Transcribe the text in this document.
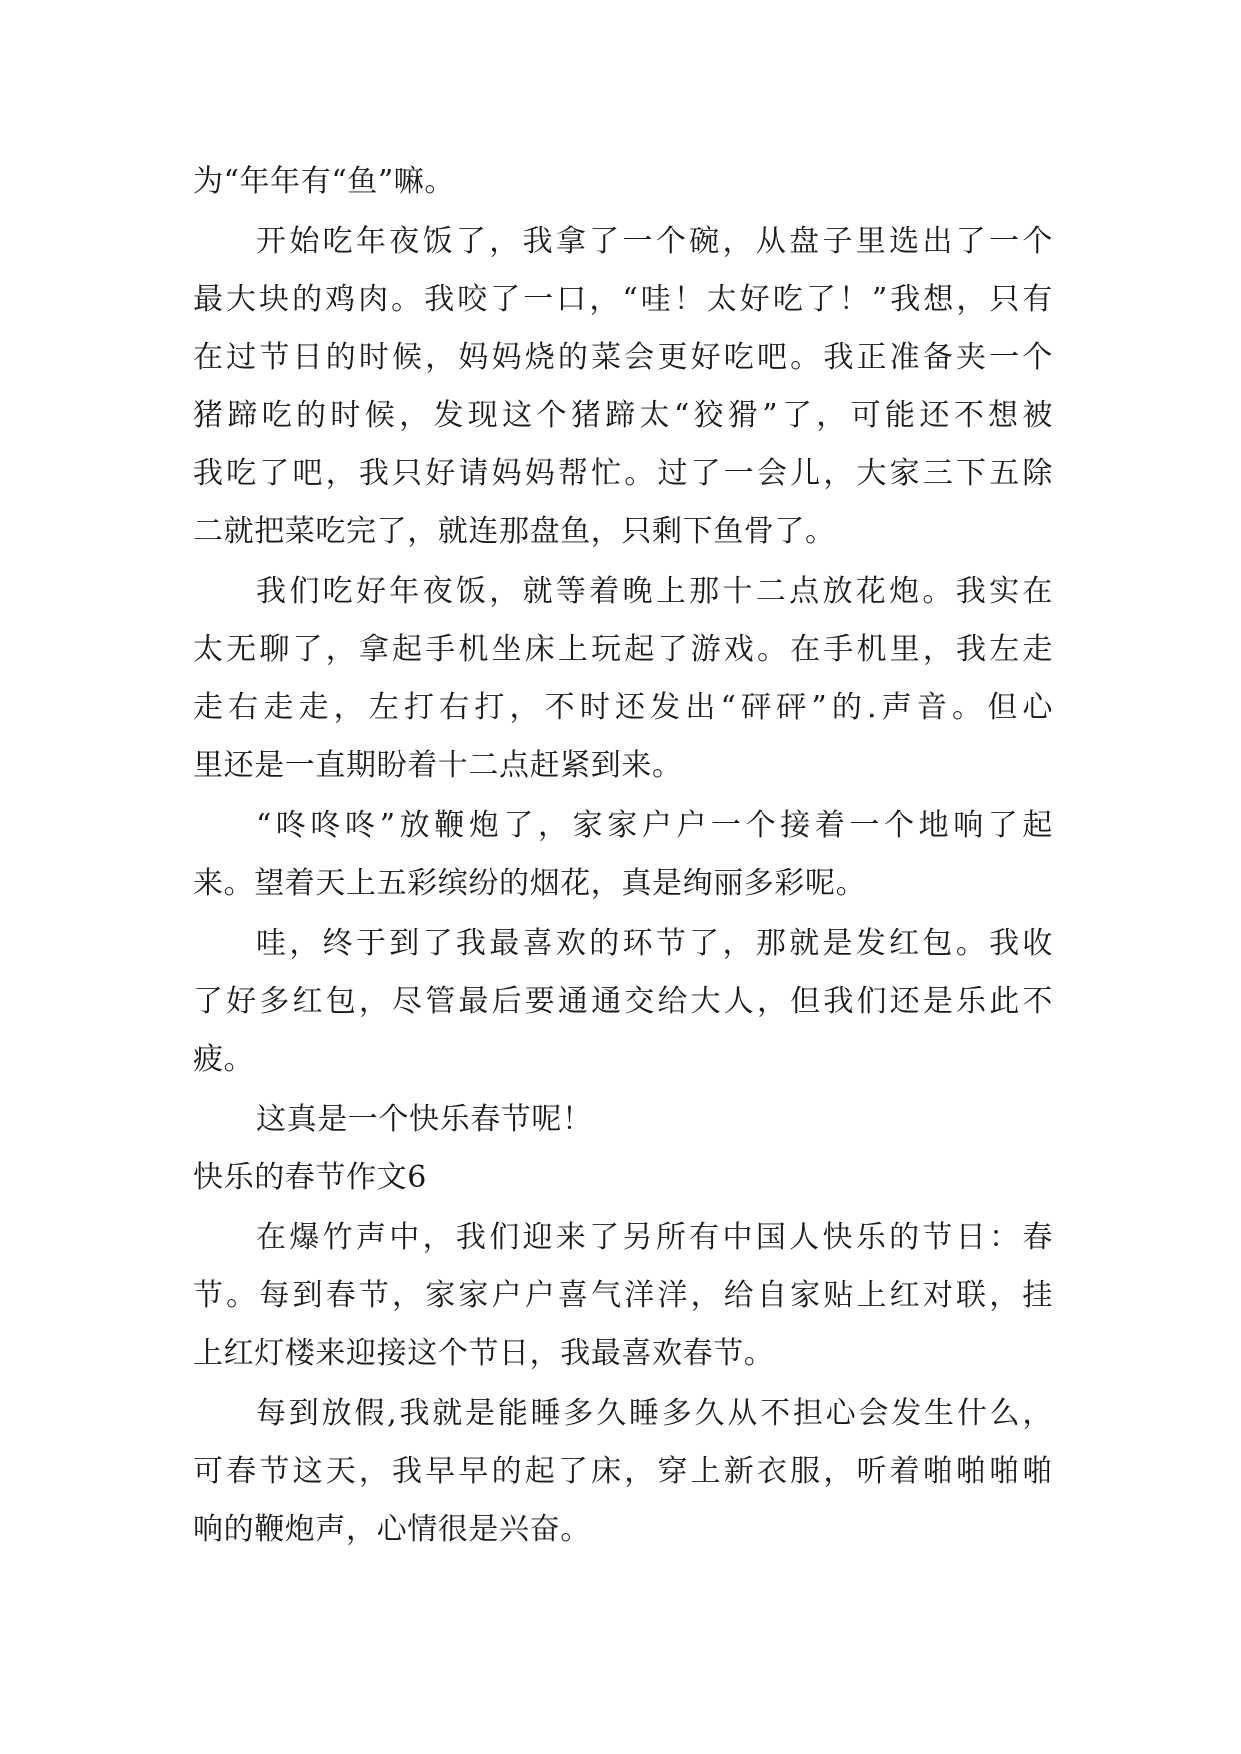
为“年年有“鱼”嘛。
开始吃年夜饭了，我拿了一个碗，从盘子里选出了一个
最大块的鸡肉。我咬了一口，“哇！太好吃了！”我想，只有
在过节日的时候，妈妈烧的菜会更好吃吧。我正准备夹一个
猪蹄吃的时候，发现这个猪蹄太“狡猾”了，可能还不想被
我吃了吧，我只好请妈妈帮忙。过了一会儿，大家三下五除
二就把菜吃完了，就连那盘鱼，只剩下鱼骨了。
我们吃好年夜饭，就等着晚上那十二点放花炮。我实在
太无聊了，拿起手机坐床上玩起了游戏。在手机里，我左走
走右走走，左打右打，不时还发出“砰砰”的.声音。但心
里还是一直期盼着十二点赶紧到来。
“咚咚咚”放鞭炮了，家家户户一个接着一个地响了起
来。望着天上五彩缤纷的烟花，真是绚丽多彩呢。
哇，终于到了我最喜欢的环节了，那就是发红包。我收
了好多红包，尽管最后要通通交给大人，但我们还是乐此不
疲。
这真是一个快乐春节呢！
快乐的春节作文6
在爆竹声中，我们迎来了另所有中国人快乐的节日：春
节。每到春节，家家户户喜气洋洋，给自家贴上红对联，挂
上红灯楼来迎接这个节日，我最喜欢春节。
每到放假,我就是能睡多久睡多久从不担心会发生什么，
可春节这天，我早早的起了床，穿上新衣服，听着啪啪啪啪
响的鞭炮声，心情很是兴奋。
